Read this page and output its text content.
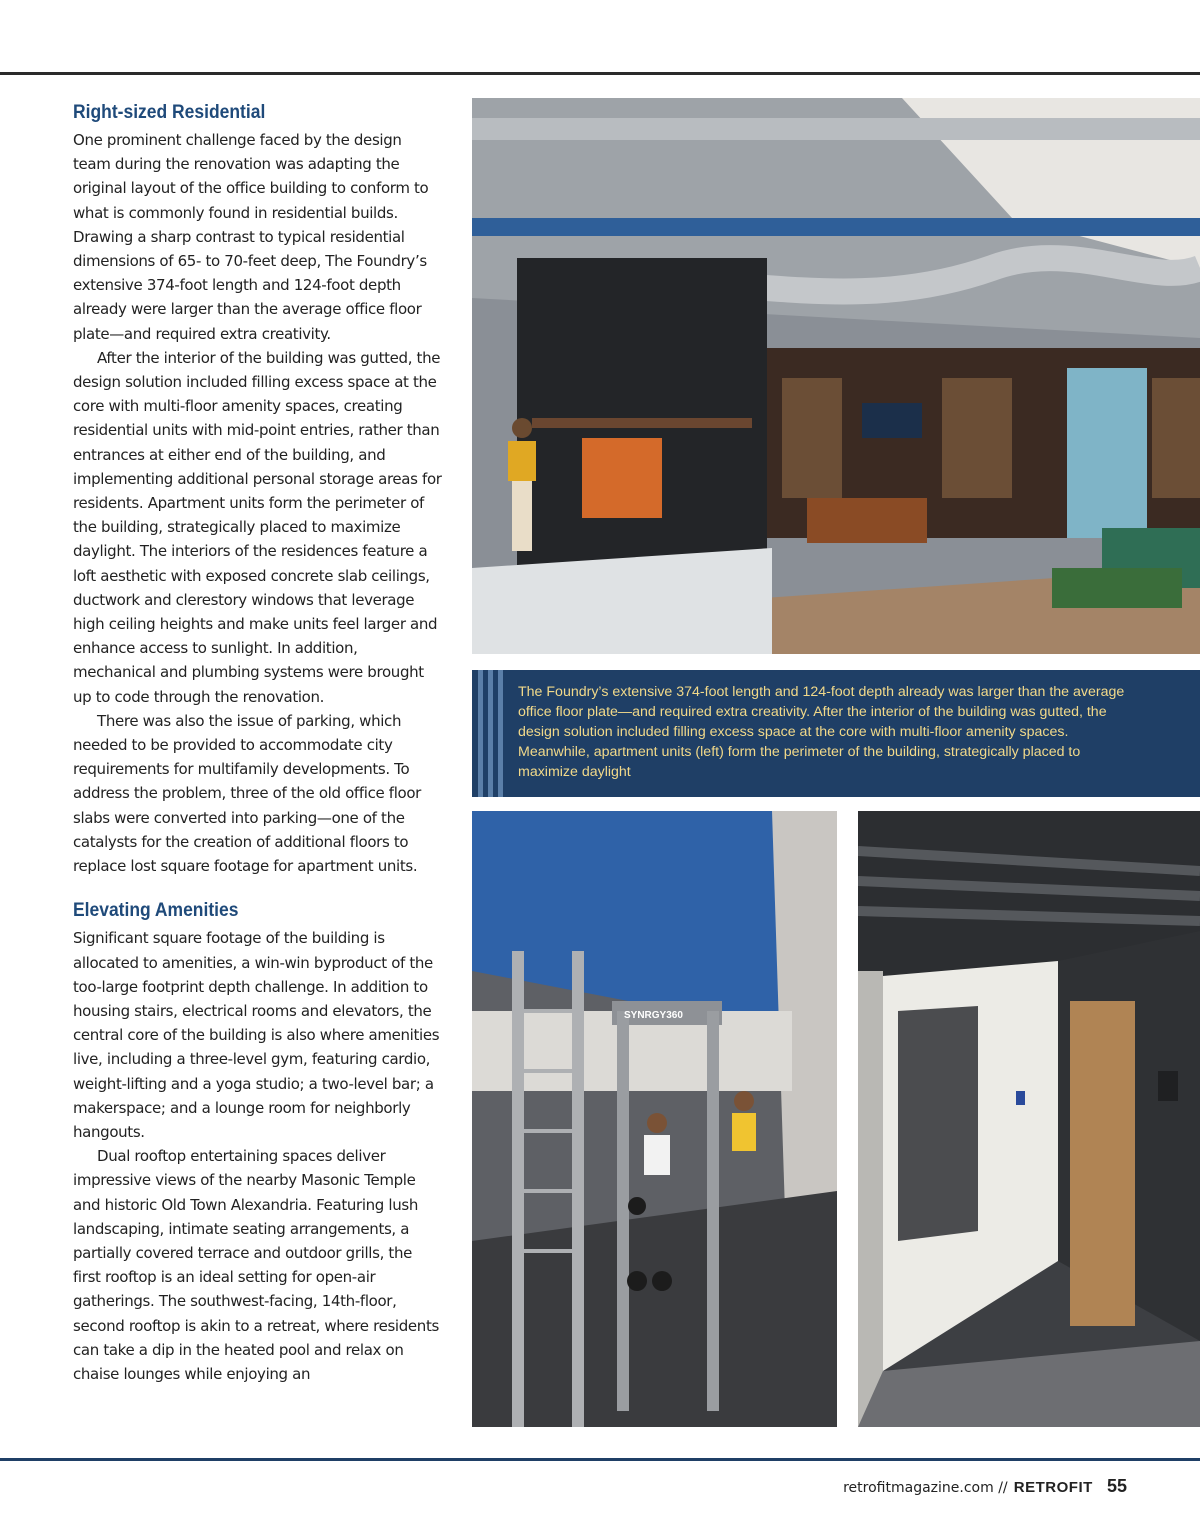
Right-sized Residential

One prominent challenge faced by the design team during the renovation was adapting the original layout of the office building to conform to what is commonly found in residential builds. Drawing a sharp contrast to typical residential dimensions of 65- to 70-feet deep, The Foundry’s extensive 374-foot length and 124-foot depth already were larger than the average office floor plate—and required extra creativity.

After the interior of the building was gutted, the design solution included filling excess space at the core with multi-floor amenity spaces, creating residential units with mid-point entries, rather than entrances at either end of the building, and implementing additional personal storage areas for residents. Apartment units form the perimeter of the building, strategically placed to maximize daylight. The interiors of the residences feature a loft aesthetic with exposed concrete slab ceilings, ductwork and clerestory windows that leverage high ceiling heights and make units feel larger and enhance access to sunlight. In addition, mechanical and plumbing systems were brought up to code through the renovation.

There was also the issue of parking, which needed to be provided to accommodate city requirements for multifamily developments. To address the problem, three of the old office floor slabs were converted into parking—one of the catalysts for the creation of additional floors to replace lost square footage for apartment units.

Elevating Amenities

Significant square footage of the building is allocated to amenities, a win-win byproduct of the too-large footprint depth challenge. In addition to housing stairs, electrical rooms and elevators, the central core of the building is also where amenities live, including a three-level gym, featuring cardio, weight-lifting and a yoga studio; a two-level bar; a makerspace; and a lounge room for neighborly hangouts.

Dual rooftop entertaining spaces deliver impressive views of the nearby Masonic Temple and historic Old Town Alexandria. Featuring lush landscaping, intimate seating arrangements, a partially covered terrace and outdoor grills, the first rooftop is an ideal setting for open-air gatherings. The southwest-facing, 14th-floor, second rooftop is akin to a retreat, where residents can take a dip in the heated pool and relax on chaise lounges while enjoying an

The Foundry’s extensive 374-foot length and 124-foot depth already was larger than the average office floor plate—and required extra creativity. After the interior of the building was gutted, the design solution included filling excess space at the core with multi-floor amenity spaces. Meanwhile, apartment units (left) form the perimeter of the building, strategically placed to maximize daylight
SYNRGY360
retrofitmagazine.com // RETROFIT 55
